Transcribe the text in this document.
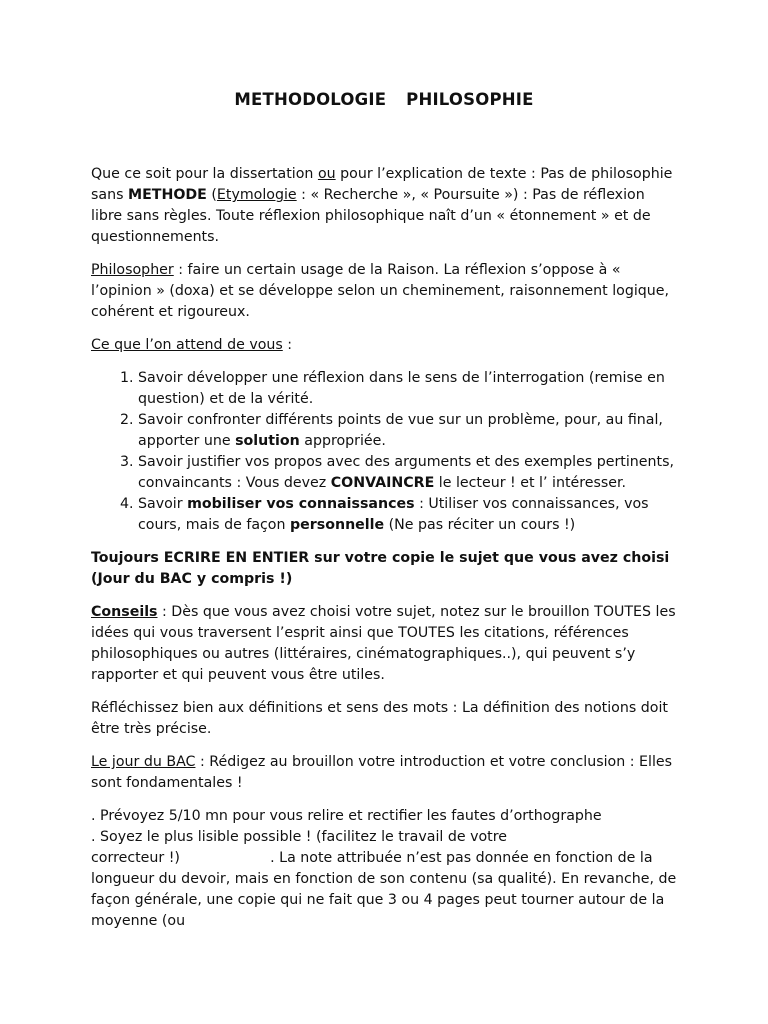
METHODOLOGIE PHILOSOPHIE

Que ce soit pour la dissertation ou pour l’explication de texte : Pas de philosophie sans METHODE (Etymologie : « Recherche », « Poursuite ») : Pas de réflexion libre sans règles. Toute réflexion philosophique naît d’un « étonnement » et de questionnements.

Philosopher : faire un certain usage de la Raison. La réflexion s’oppose à « l’opinion » (doxa) et se développe selon un cheminement, raisonnement logique, cohérent et rigoureux.

Ce que l’on attend de vous :

1. Savoir développer une réflexion dans le sens de l’interrogation (remise en question) et de la vérité.
2. Savoir confronter différents points de vue sur un problème, pour, au final, apporter une solution appropriée.
3. Savoir justifier vos propos avec des arguments et des exemples pertinents, convaincants : Vous devez CONVAINCRE le lecteur ! et l’ intéresser.
4. Savoir mobiliser vos connaissances : Utiliser vos connaissances, vos cours, mais de façon personnelle (Ne pas réciter un cours !)

Toujours ECRIRE EN ENTIER sur votre copie le sujet que vous avez choisi (Jour du BAC y compris !)

Conseils : Dès que vous avez choisi votre sujet, notez sur le brouillon TOUTES les idées qui vous traversent l’esprit ainsi que TOUTES les citations, références philosophiques ou autres (littéraires, cinématographiques..), qui peuvent s’y rapporter et qui peuvent vous être utiles.

Réfléchissez bien aux définitions et sens des mots : La définition des notions doit être très précise.

Le jour du BAC : Rédigez au brouillon votre introduction et votre conclusion : Elles sont fondamentales !

. Prévoyez 5/10 mn pour vous relire et rectifier les fautes d’orthographe

. Soyez le plus lisible possible ! (facilitez le travail de votre

correcteur !)                    . La note attribuée n’est pas donnée en fonction de la longueur du devoir, mais en fonction de son contenu (sa qualité). En revanche, de façon générale, une copie qui ne fait que 3 ou 4 pages peut tourner autour de la moyenne (ou
